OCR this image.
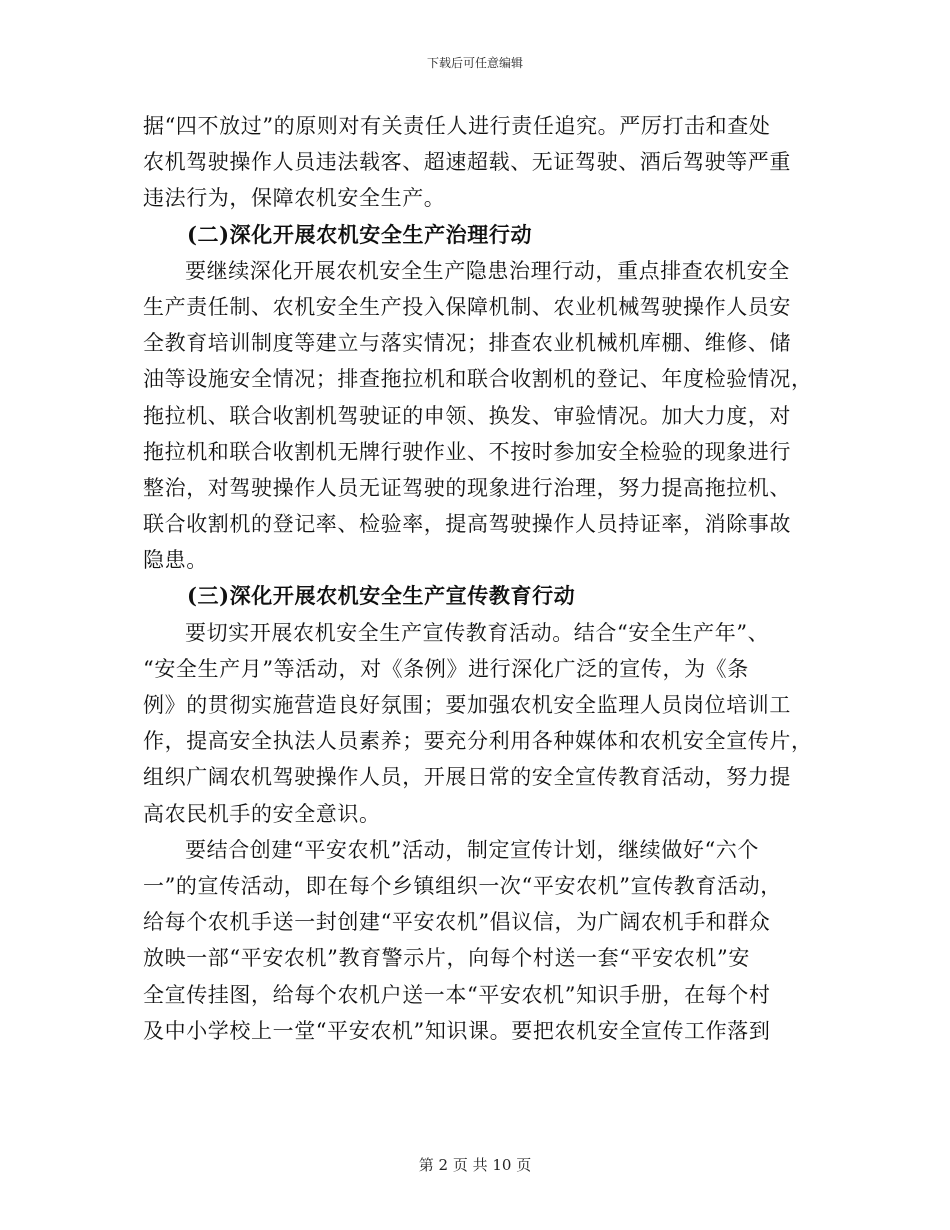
下载后可任意编辑
据“四不放过”的原则对有关责任人进行责任追究。严厉打击和查处
农机驾驶操作人员违法载客、超速超载、无证驾驶、酒后驾驶等严重
违法行为，保障农机安全生产。
(二)深化开展农机安全生产治理行动
要继续深化开展农机安全生产隐患治理行动，重点排查农机安全
生产责任制、农机安全生产投入保障机制、农业机械驾驶操作人员安
全教育培训制度等建立与落实情况；排查农业机械机库棚、维修、储
油等设施安全情况；排查拖拉机和联合收割机的登记、年度检验情况，
拖拉机、联合收割机驾驶证的申领、换发、审验情况。加大力度，对
拖拉机和联合收割机无牌行驶作业、不按时参加安全检验的现象进行
整治，对驾驶操作人员无证驾驶的现象进行治理，努力提高拖拉机、
联合收割机的登记率、检验率，提高驾驶操作人员持证率，消除事故
隐患。
(三)深化开展农机安全生产宣传教育行动
要切实开展农机安全生产宣传教育活动。结合“安全生产年”、
“安全生产月”等活动，对《条例》进行深化广泛的宣传，为《条
例》的贯彻实施营造良好氛围；要加强农机安全监理人员岗位培训工
作，提高安全执法人员素养；要充分利用各种媒体和农机安全宣传片，
组织广阔农机驾驶操作人员，开展日常的安全宣传教育活动，努力提
高农民机手的安全意识。
要结合创建“平安农机”活动，制定宣传计划，继续做好“六个
一”的宣传活动，即在每个乡镇组织一次“平安农机”宣传教育活动，
给每个农机手送一封创建“平安农机”倡议信，为广阔农机手和群众
放映一部“平安农机”教育警示片，向每个村送一套“平安农机”安
全宣传挂图，给每个农机户送一本“平安农机”知识手册，在每个村
及中小学校上一堂“平安农机”知识课。要把农机安全宣传工作落到
第 2 页 共 10 页
